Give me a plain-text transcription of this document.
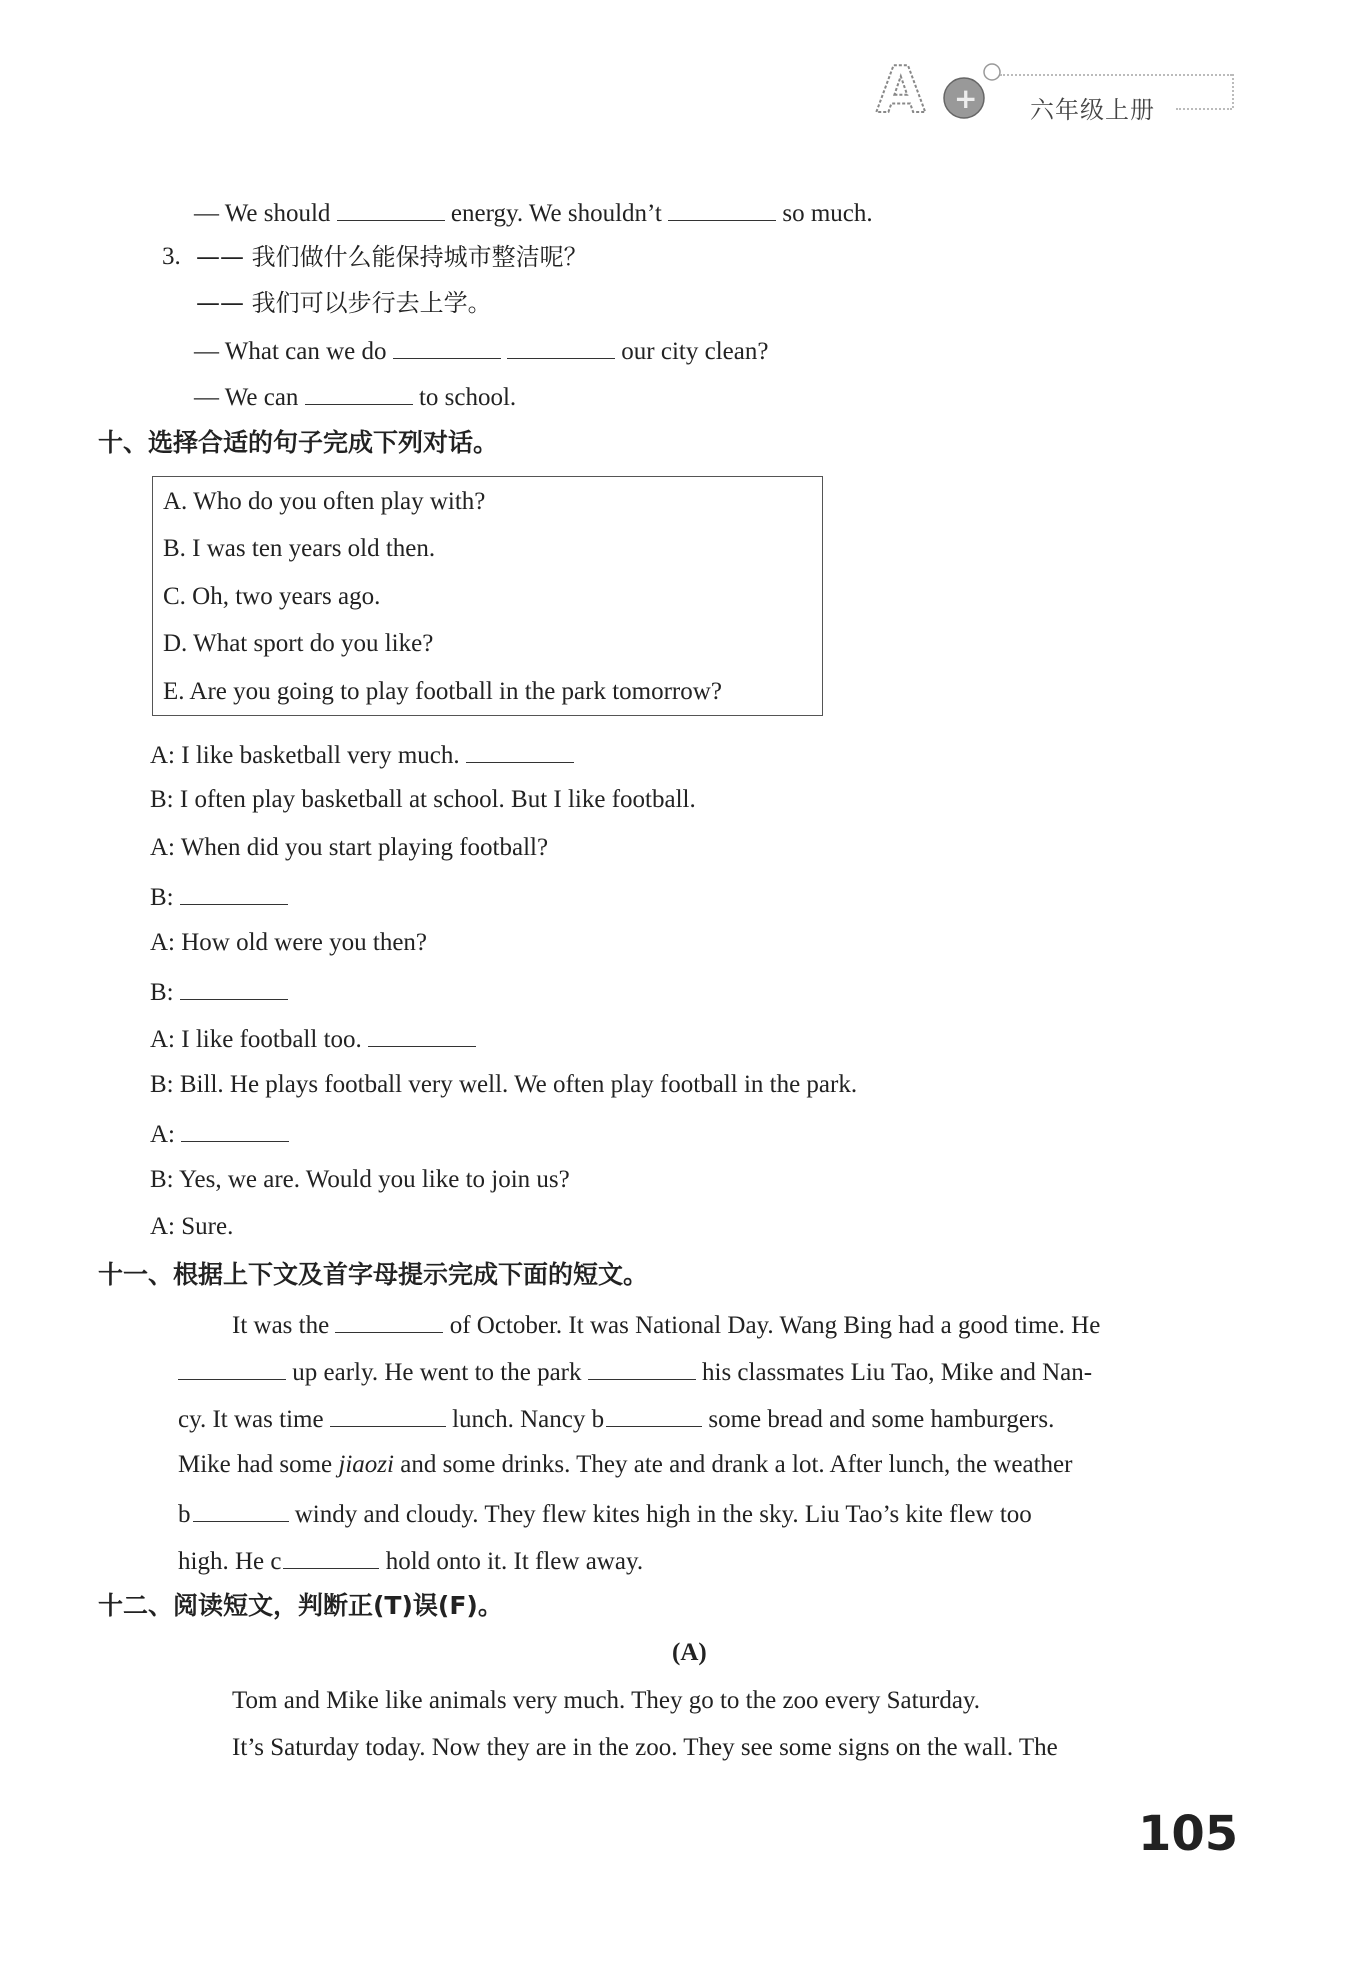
A + 六年级上册
— We should	energy. We shouldn’t	so much.
3. —— 我们做什么能保持城市整洁呢？
—— 我们可以步行去上学。
— What can we do	our city clean?
— We can	to school.
十、选择合适的句子完成下列对话。
A. Who do you often play with?
B. I was ten years old then.
C. Oh, two years ago.
D. What sport do you like?
E. Are you going to play football in the park tomorrow?
A: I like basketball very much.
B: I often play basketball at school. But I like football.
A: When did you start playing football?
B:
A: How old were you then?
B:
A: I like football too.
B: Bill. He plays football very well. We often play football in the park.
A:
B: Yes, we are. Would you like to join us?
A: Sure.
十一、根据上下文及首字母提示完成下面的短文。
It was the	of October. It was National Day. Wang Bing had a good time. He
up early. He went to the park	his classmates Liu Tao, Mike and Nan-
cy. It was time	lunch. Nancy b	some bread and some hamburgers.
Mike had some jiaozi and some drinks. They ate and drank a lot. After lunch, the weather
b	windy and cloudy. They flew kites high in the sky. Liu Tao’s kite flew too
high. He c	hold onto it. It flew away.
十二、阅读短文，判断正(T)误(F)。
(A)
Tom and Mike like animals very much. They go to the zoo every Saturday.
It’s Saturday today. Now they are in the zoo. They see some signs on the wall. The
105
